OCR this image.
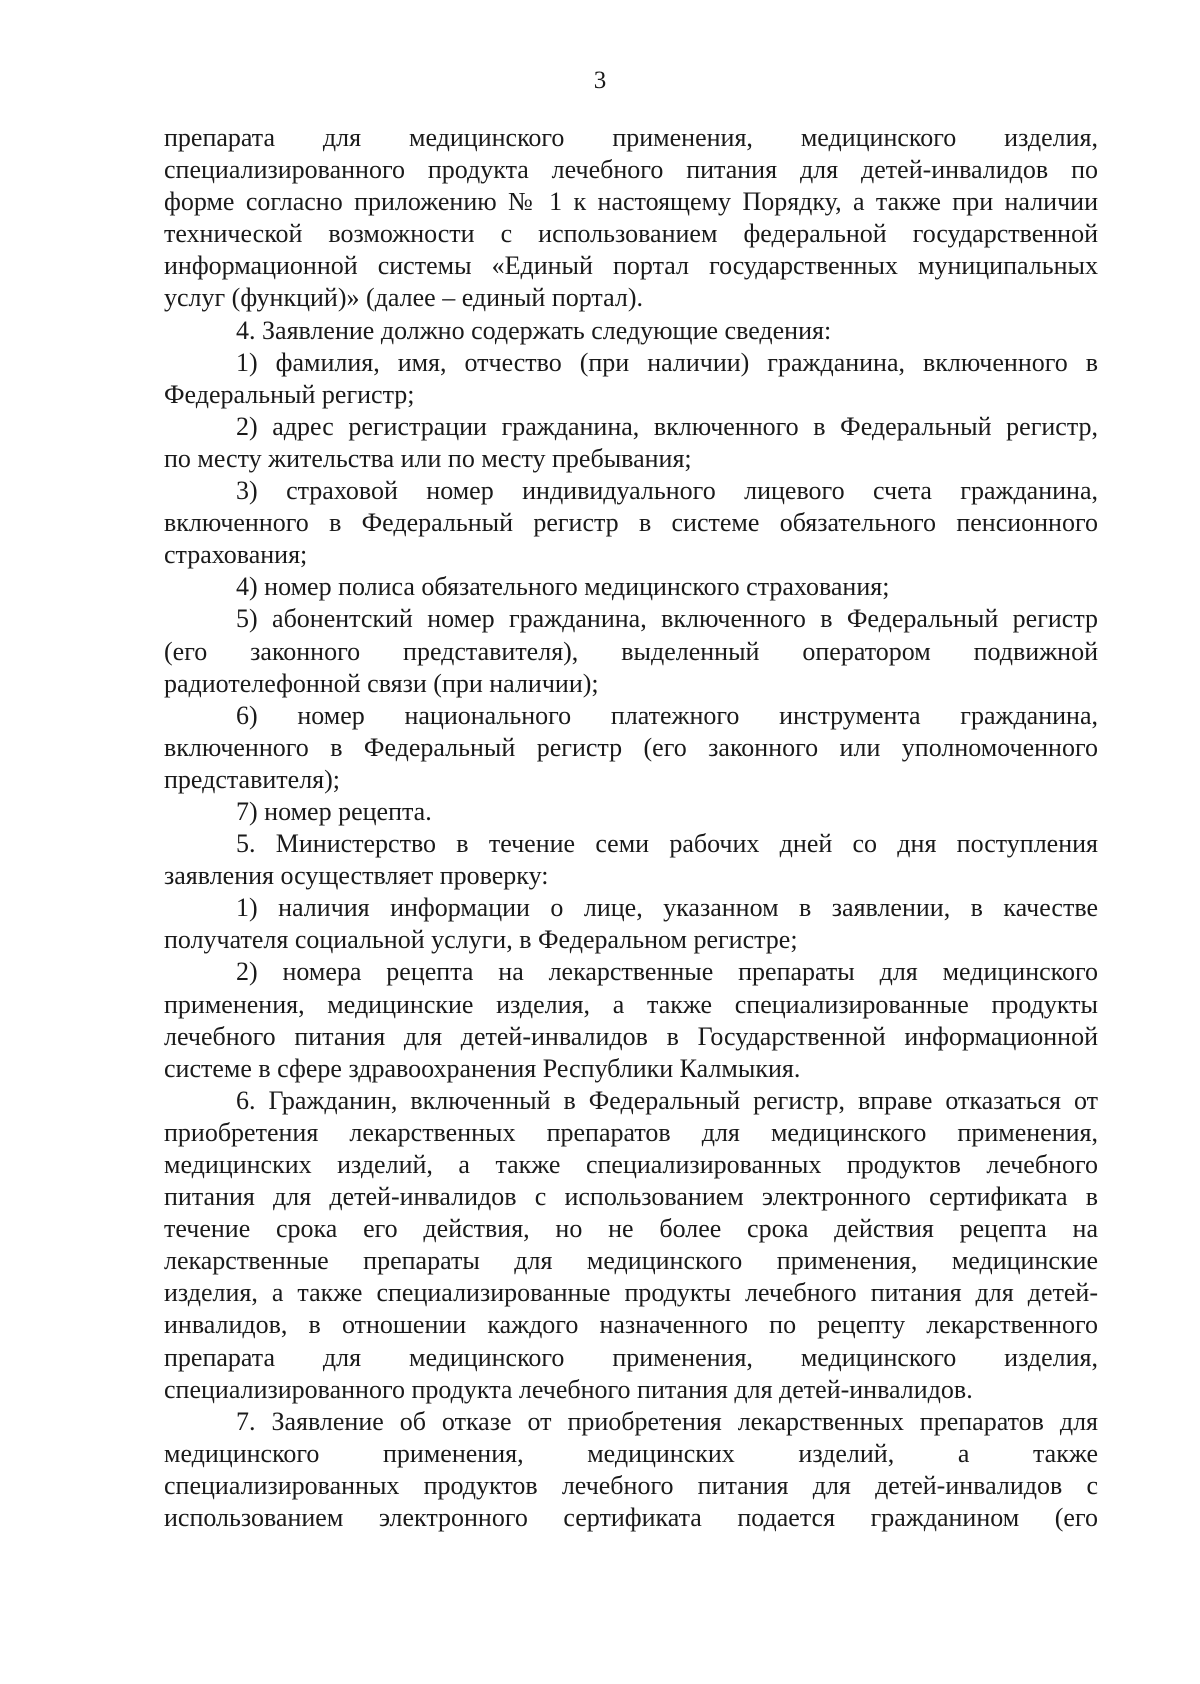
3
препарата для медицинского применения, медицинского изделия,
специализированного продукта лечебного питания для детей-инвалидов по
форме согласно приложению № 1 к настоящему Порядку, а также при наличии
технической возможности с использованием федеральной государственной
информационной системы «Единый портал государственных муниципальных
услуг (функций)» (далее – единый портал).
4. Заявление должно содержать следующие сведения:
1) фамилия, имя, отчество (при наличии) гражданина, включенного в
Федеральный регистр;
2) адрес регистрации гражданина, включенного в Федеральный регистр,
по месту жительства или по месту пребывания;
3) страховой номер индивидуального лицевого счета гражданина,
включенного в Федеральный регистр в системе обязательного пенсионного
страхования;
4) номер полиса обязательного медицинского страхования;
5) абонентский номер гражданина, включенного в Федеральный регистр
(его законного представителя), выделенный оператором подвижной
радиотелефонной связи (при наличии);
6) номер национального платежного инструмента гражданина,
включенного в Федеральный регистр (его законного или уполномоченного
представителя);
7) номер рецепта.
5. Министерство в течение семи рабочих дней со дня поступления
заявления осуществляет проверку:
1) наличия информации о лице, указанном в заявлении, в качестве
получателя социальной услуги, в Федеральном регистре;
2) номера рецепта на лекарственные препараты для медицинского
применения, медицинские изделия, а также специализированные продукты
лечебного питания для детей-инвалидов в Государственной информационной
системе в сфере здравоохранения Республики Калмыкия.
6. Гражданин, включенный в Федеральный регистр, вправе отказаться от
приобретения лекарственных препаратов для медицинского применения,
медицинских изделий, а также специализированных продуктов лечебного
питания для детей-инвалидов с использованием электронного сертификата в
течение срока его действия, но не более срока действия рецепта на
лекарственные препараты для медицинского применения, медицинские
изделия, а также специализированные продукты лечебного питания для детей-
инвалидов, в отношении каждого назначенного по рецепту лекарственного
препарата для медицинского применения, медицинского изделия,
специализированного продукта лечебного питания для детей-инвалидов.
7. Заявление об отказе от приобретения лекарственных препаратов для
медицинского применения, медицинских изделий, а также
специализированных продуктов лечебного питания для детей-инвалидов с
использованием электронного сертификата подается гражданином (его
